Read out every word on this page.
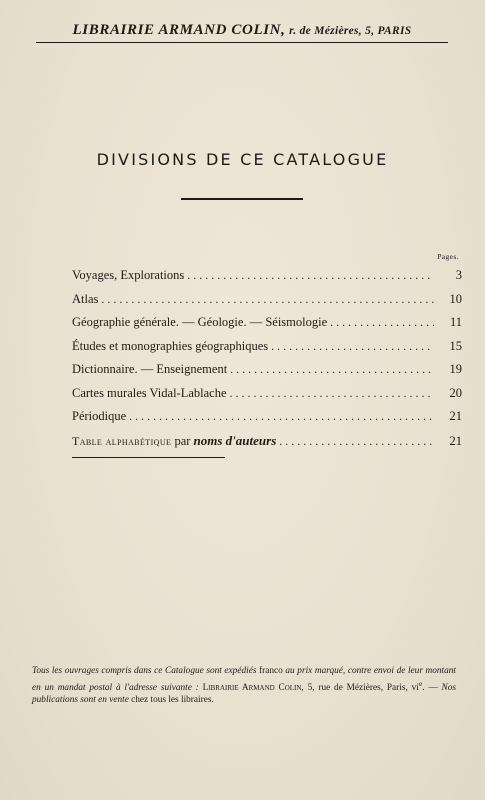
LIBRAIRIE ARMAND COLIN, r. de Mézières, 5, PARIS
DIVISIONS DE CE CATALOGUE
Pages.
Voyages, Explorations . . .	3
Atlas . . .	10
Géographie générale. — Géologie. — Séismologie . . .	11
Études et monographies géographiques . . .	15
Dictionnaire. — Enseignement . . .	19
Cartes murales Vidal-Lablache . . .	20
Périodique . . .	21
Table alphabétique par noms d'auteurs . . .	21
Tous les ouvrages compris dans ce Catalogue sont expédiés franco au prix marqué, contre envoi de leur montant en un mandat postal à l'adresse suivante : Librairie Armand Colin, 5, rue de Mézières, Paris, $vi^e$. — Nos publications sont en vente chez tous les libraires.
